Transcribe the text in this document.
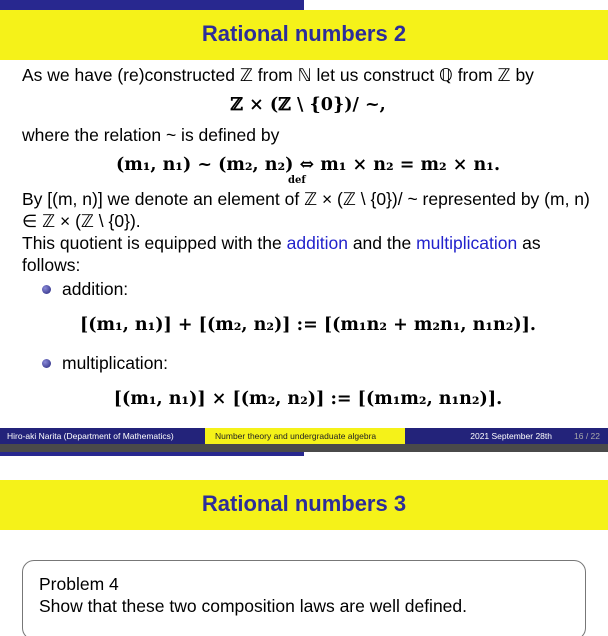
Rational numbers 2
As we have (re)constructed ℤ from ℕ let us construct ℚ from ℤ by
ℤ × (ℤ \ {0})/ ~,
where the relation ~ is defined by
(m₁, n₁) ~ (m₂, n₂) ⇔ m₁ × n₂ = m₂ × n₁.
def
By [(m, n)] we denote an element of ℤ × (ℤ \ {0})/ ~ represented by (m, n) ∈ ℤ × (ℤ \ {0}).
This quotient is equipped with the addition and the multiplication as follows:
addition:
[(m₁, n₁)] + [(m₂, n₂)] := [(m₁n₂ + m₂n₁, n₁n₂)].
multiplication:
[(m₁, n₁)] × [(m₂, n₂)] := [(m₁m₂, n₁n₂)].
Hiro-aki Narita (Department of Mathematics)	Number theory and undergraduate algebra	2021 September 28th	16 / 22
Rational numbers 3
Problem 4
Show that these two composition laws are well defined.
